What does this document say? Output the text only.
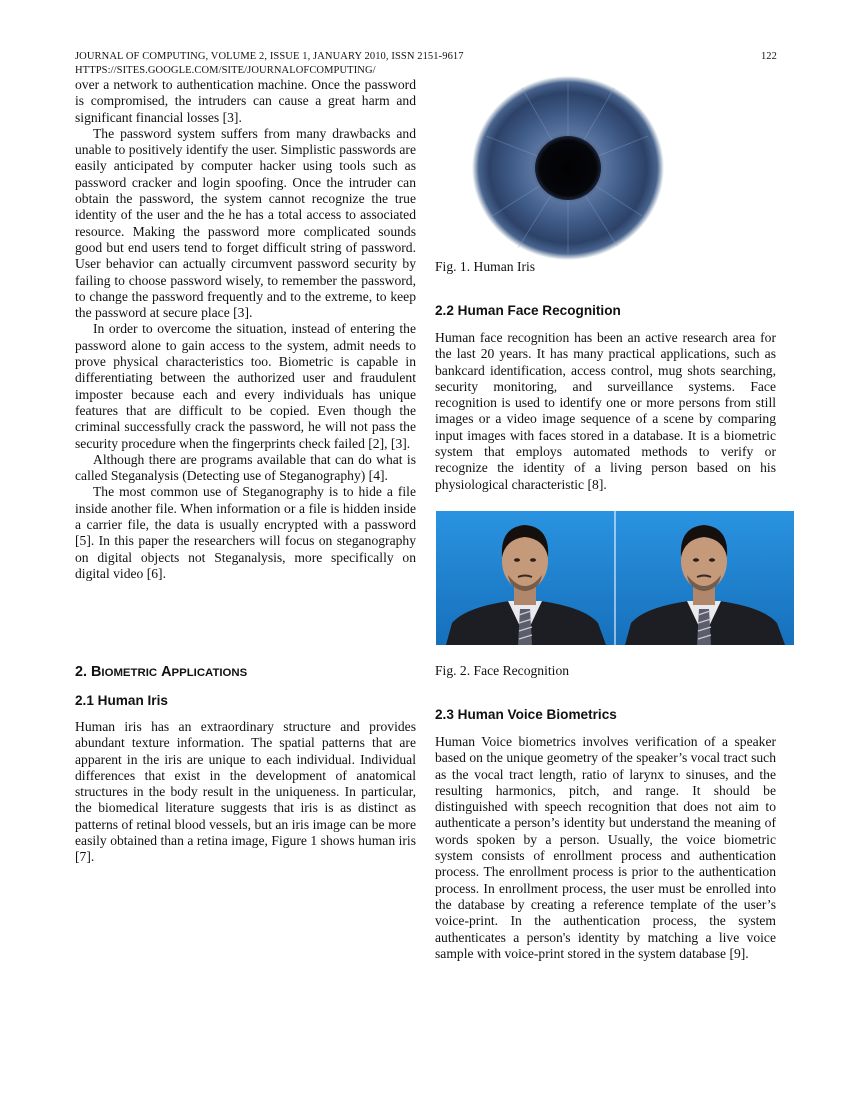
JOURNAL OF COMPUTING, VOLUME 2, ISSUE 1, JANUARY 2010, ISSN 2151-9617
HTTPS://SITES.GOOGLE.COM/SITE/JOURNALOFCOMPUTING/
122

over a network to authentication machine. Once the password is compromised, the intruders can cause a great harm and significant financial losses [3].

The password system suffers from many drawbacks and unable to positively identify the user. Simplistic passwords are easily anticipated by computer hacker using tools such as password cracker and login spoofing. Once the intruder can obtain the password, the system cannot recognize the true identity of the user and the he has a total access to associated resource. Making the password more complicated sounds good but end users tend to forget difficult string of password. User behavior can actually circumvent password security by failing to choose password wisely, to remember the password, to change the password frequently and to the extreme, to keep the password at secure place [3].

In order to overcome the situation, instead of entering the password alone to gain access to the system, admit needs to prove physical characteristics too. Biometric is capable in differentiating between the authorized user and fraudulent imposter because each and every individuals has unique features that are difficult to be copied. Even though the criminal successfully crack the password, he will not pass the security procedure when the fingerprints check failed [2], [3].

Although there are programs available that can do what is called Steganalysis (Detecting use of Steganography) [4].

The most common use of Steganography is to hide a file inside another file. When information or a file is hidden inside a carrier file, the data is usually encrypted with a password [5]. In this paper the researchers will focus on steganography on digital objects not Steganalysis, more specifically on digital video [6].

2. BIOMETRIC APPLICATIONS
2.1 Human Iris

Human iris has an extraordinary structure and provides abundant texture information. The spatial patterns that are apparent in the iris are unique to each individual. Individual differences that exist in the development of anatomical structures in the body result in the uniqueness. In particular, the biomedical literature suggests that iris is as distinct as patterns of retinal blood vessels, but an iris image can be more easily obtained than a retina image, Figure 1 shows human iris [7].

Fig. 1. Human Iris
2.2 Human Face Recognition

Human face recognition has been an active research area for the last 20 years. It has many practical applications, such as bankcard identification, access control, mug shots searching, security monitoring, and surveillance systems. Face recognition is used to identify one or more persons from still images or a video image sequence of a scene by comparing input images with faces stored in a database. It is a biometric system that employs automated methods to verify or recognize the identity of a living person based on his physiological characteristic [8].

Fig. 2. Face Recognition
2.3 Human Voice Biometrics

Human Voice biometrics involves verification of a speaker based on the unique geometry of the speaker’s vocal tract such as the vocal tract length, ratio of larynx to sinuses, and the resulting harmonics, pitch, and range. It should be distinguished with speech recognition that does not aim to authenticate a person’s identity but understand the meaning of words spoken by a person. Usually, the voice biometric system consists of enrollment process and authentication process. The enrollment process is prior to the authentication process. In enrollment process, the user must be enrolled into the database by creating a reference template of the user’s voice-print. In the authentication process, the system authenticates a person's identity by matching a live voice sample with voice-print stored in the system database [9].
